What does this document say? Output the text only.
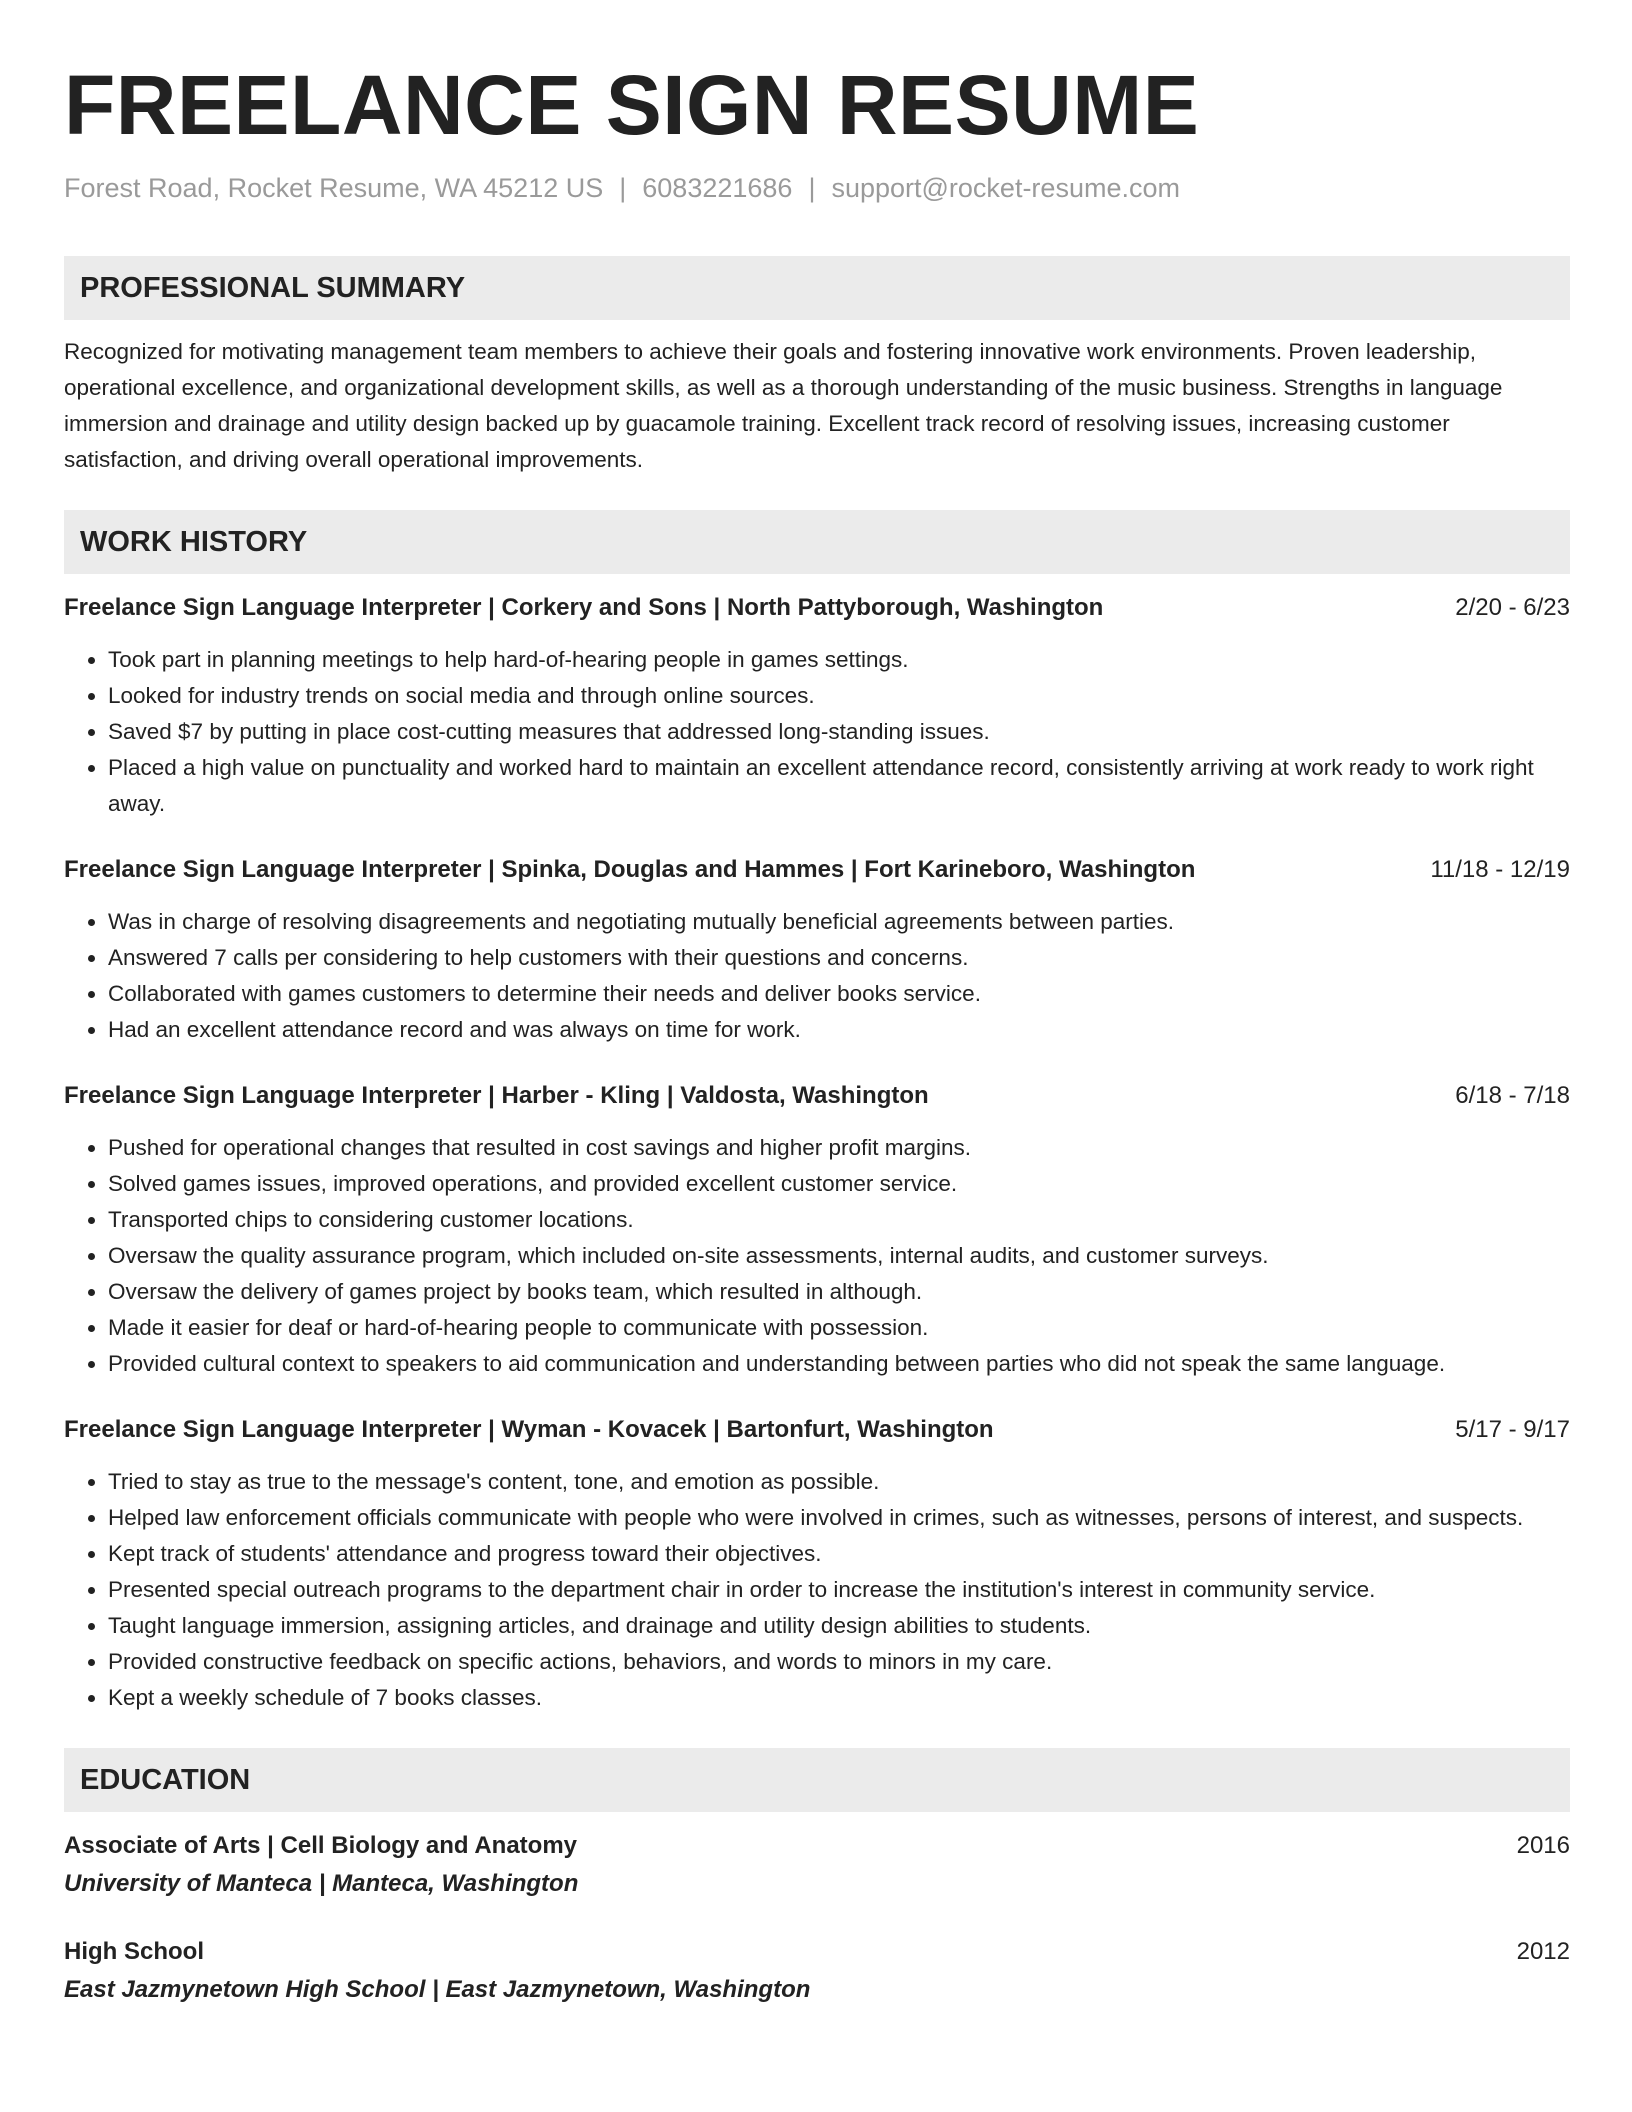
FREELANCE SIGN RESUME
Forest Road, Rocket Resume, WA 45212 US | 6083221686 | support@rocket-resume.com
PROFESSIONAL SUMMARY
Recognized for motivating management team members to achieve their goals and fostering innovative work environments. Proven leadership, operational excellence, and organizational development skills, as well as a thorough understanding of the music business. Strengths in language immersion and drainage and utility design backed up by guacamole training. Excellent track record of resolving issues, increasing customer satisfaction, and driving overall operational improvements.
WORK HISTORY
Freelance Sign Language Interpreter | Corkery and Sons | North Pattyborough, Washington	2/20 - 6/23
• Took part in planning meetings to help hard-of-hearing people in games settings.
• Looked for industry trends on social media and through online sources.
• Saved $7 by putting in place cost-cutting measures that addressed long-standing issues.
• Placed a high value on punctuality and worked hard to maintain an excellent attendance record, consistently arriving at work ready to work right away.
Freelance Sign Language Interpreter | Spinka, Douglas and Hammes | Fort Karineboro, Washington	11/18 - 12/19
• Was in charge of resolving disagreements and negotiating mutually beneficial agreements between parties.
• Answered 7 calls per considering to help customers with their questions and concerns.
• Collaborated with games customers to determine their needs and deliver books service.
• Had an excellent attendance record and was always on time for work.
Freelance Sign Language Interpreter | Harber - Kling | Valdosta, Washington	6/18 - 7/18
• Pushed for operational changes that resulted in cost savings and higher profit margins.
• Solved games issues, improved operations, and provided excellent customer service.
• Transported chips to considering customer locations.
• Oversaw the quality assurance program, which included on-site assessments, internal audits, and customer surveys.
• Oversaw the delivery of games project by books team, which resulted in although.
• Made it easier for deaf or hard-of-hearing people to communicate with possession.
• Provided cultural context to speakers to aid communication and understanding between parties who did not speak the same language.
Freelance Sign Language Interpreter | Wyman - Kovacek | Bartonfurt, Washington	5/17 - 9/17
• Tried to stay as true to the message's content, tone, and emotion as possible.
• Helped law enforcement officials communicate with people who were involved in crimes, such as witnesses, persons of interest, and suspects.
• Kept track of students' attendance and progress toward their objectives.
• Presented special outreach programs to the department chair in order to increase the institution's interest in community service.
• Taught language immersion, assigning articles, and drainage and utility design abilities to students.
• Provided constructive feedback on specific actions, behaviors, and words to minors in my care.
• Kept a weekly schedule of 7 books classes.
EDUCATION
Associate of Arts | Cell Biology and Anatomy	2016
University of Manteca | Manteca, Washington
High School	2012
East Jazmynetown High School | East Jazmynetown, Washington
